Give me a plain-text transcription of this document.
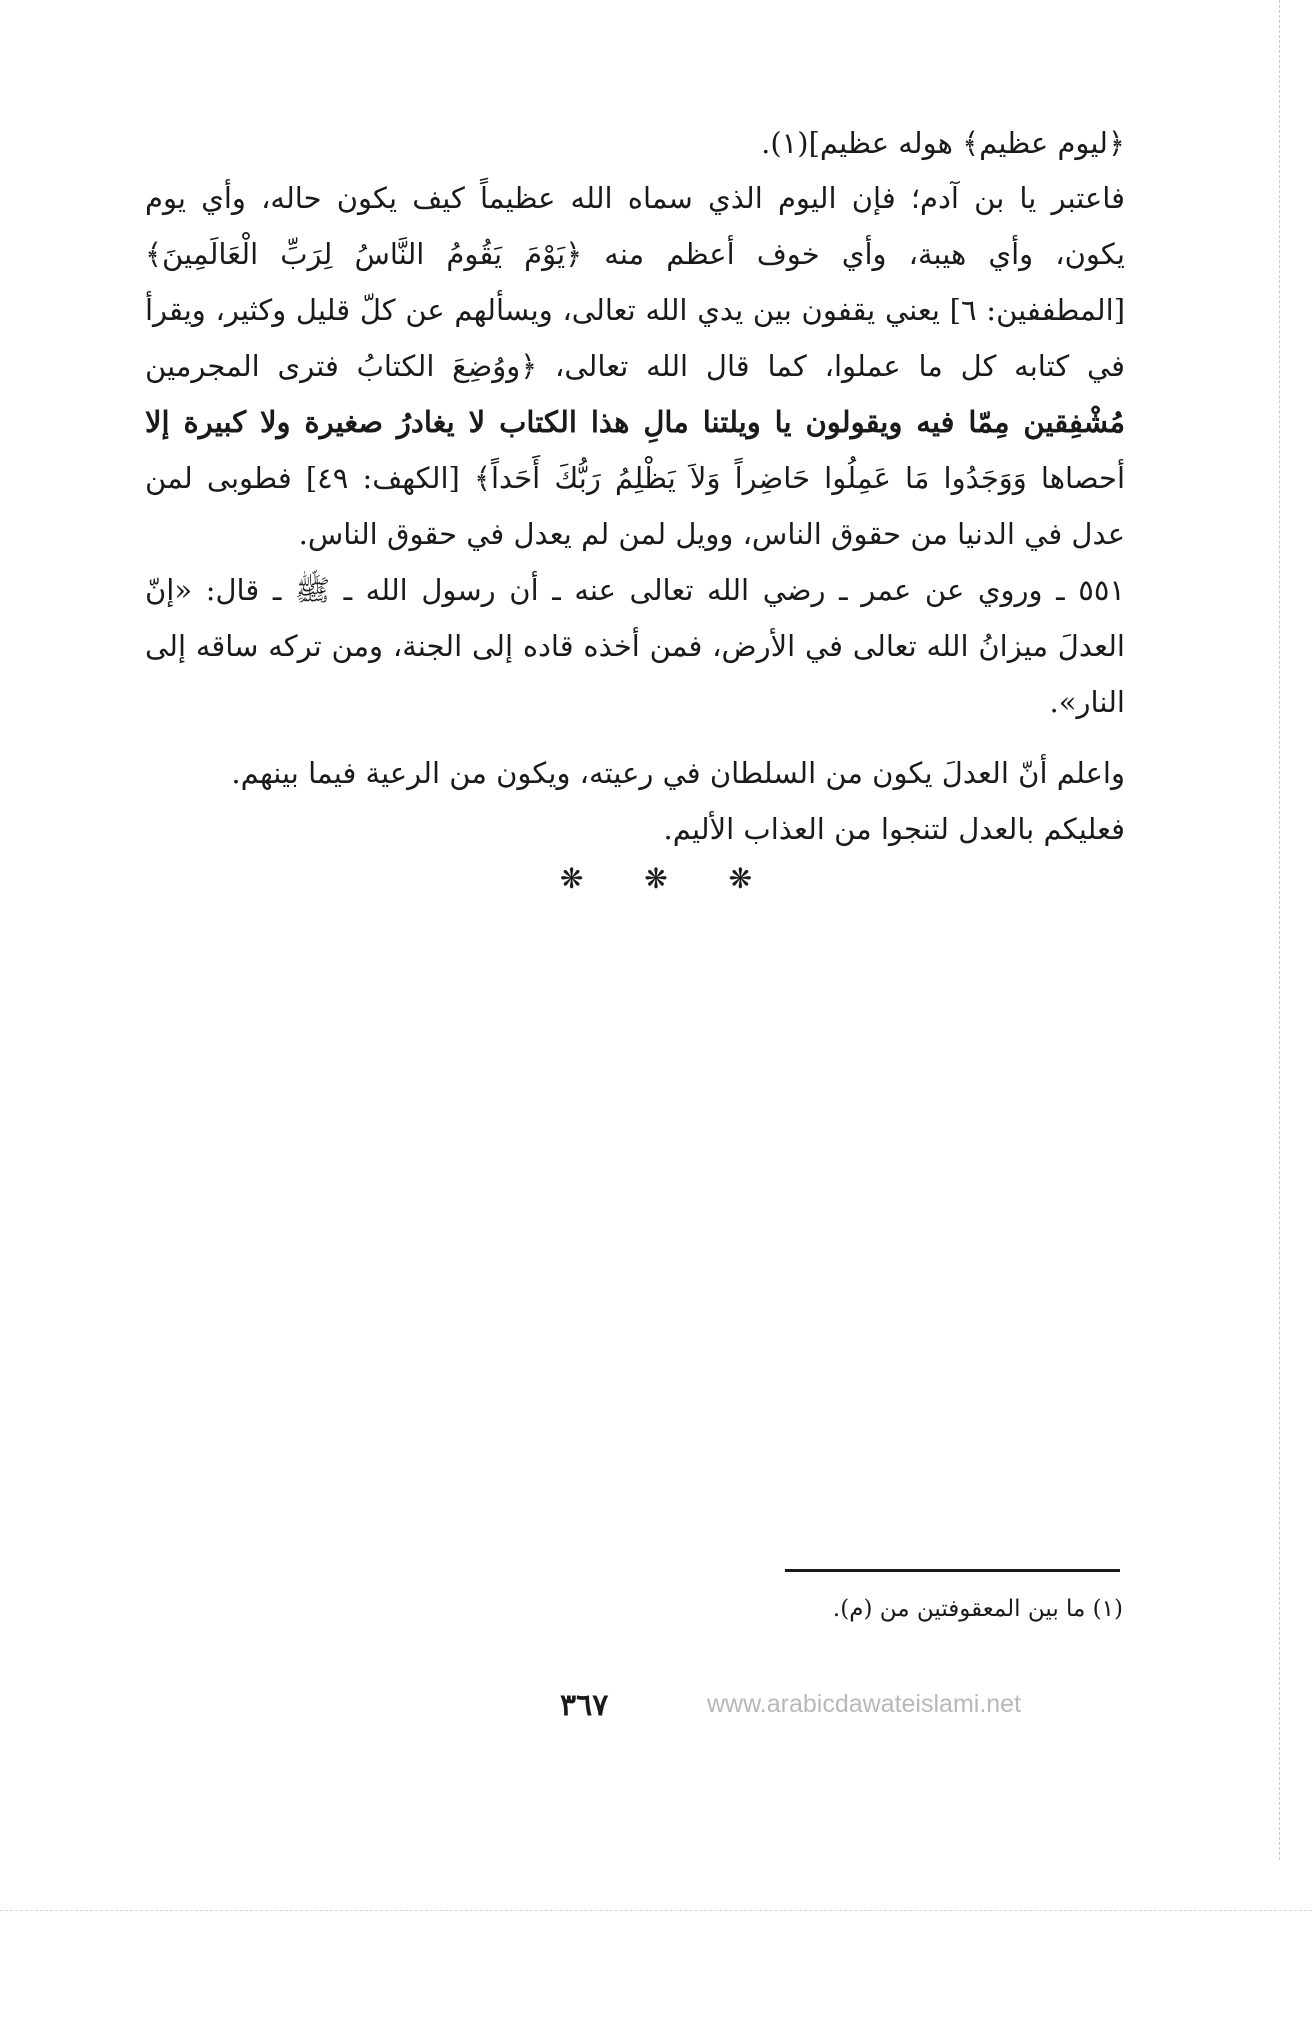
﴿ليوم عظيم﴾ هوله عظيم](١).

فاعتبر يا بن آدم؛ فإن اليوم الذي سماه الله عظيماً كيف يكون حاله، وأي يوم
يكون، وأي هيبة، وأي خوف أعظم منه ﴿يَوْمَ يَقُومُ النَّاسُ لِرَبِّ الْعَالَمِينَ﴾
[المطففين: ٦] يعني يقفون بين يدي الله تعالى، ويسألهم عن كلّ قليل وكثير، ويقرأ
في كتابه كل ما عملوا، كما قال الله تعالى، ﴿ووُضِعَ الكتابُ فترى المجرمين
مُشْفِقين مِمّا فيه ويقولون يا ويلتنا مالِ هذا الكتاب لا يغادرُ صغيرة ولا كبيرة إلا
أحصاها وَوَجَدُوا مَا عَمِلُوا حَاضِراً وَلاَ يَظْلِمُ رَبُّكَ أَحَداً﴾ [الكهف: ٤٩] فطوبى لمن
عدل في الدنيا من حقوق الناس، وويل لمن لم يعدل في حقوق الناس.

٥٥١ ـ وروي عن عمر ـ رضي الله تعالى عنه ـ أن رسول الله ـ ﷺ ـ قال: «إنّ
العدلَ ميزانُ الله تعالى في الأرض، فمن أخذه قاده إلى الجنة، ومن تركه ساقه إلى
النار».

واعلم أنّ العدلَ يكون من السلطان في رعيته، ويكون من الرعية فيما بينهم.
فعليكم بالعدل لتنجوا من العذاب الأليم.

❋ ❋ ❋
(١) ما بين المعقوفتين من (م).
٣٦٧	www.arabicdawateislami.net
